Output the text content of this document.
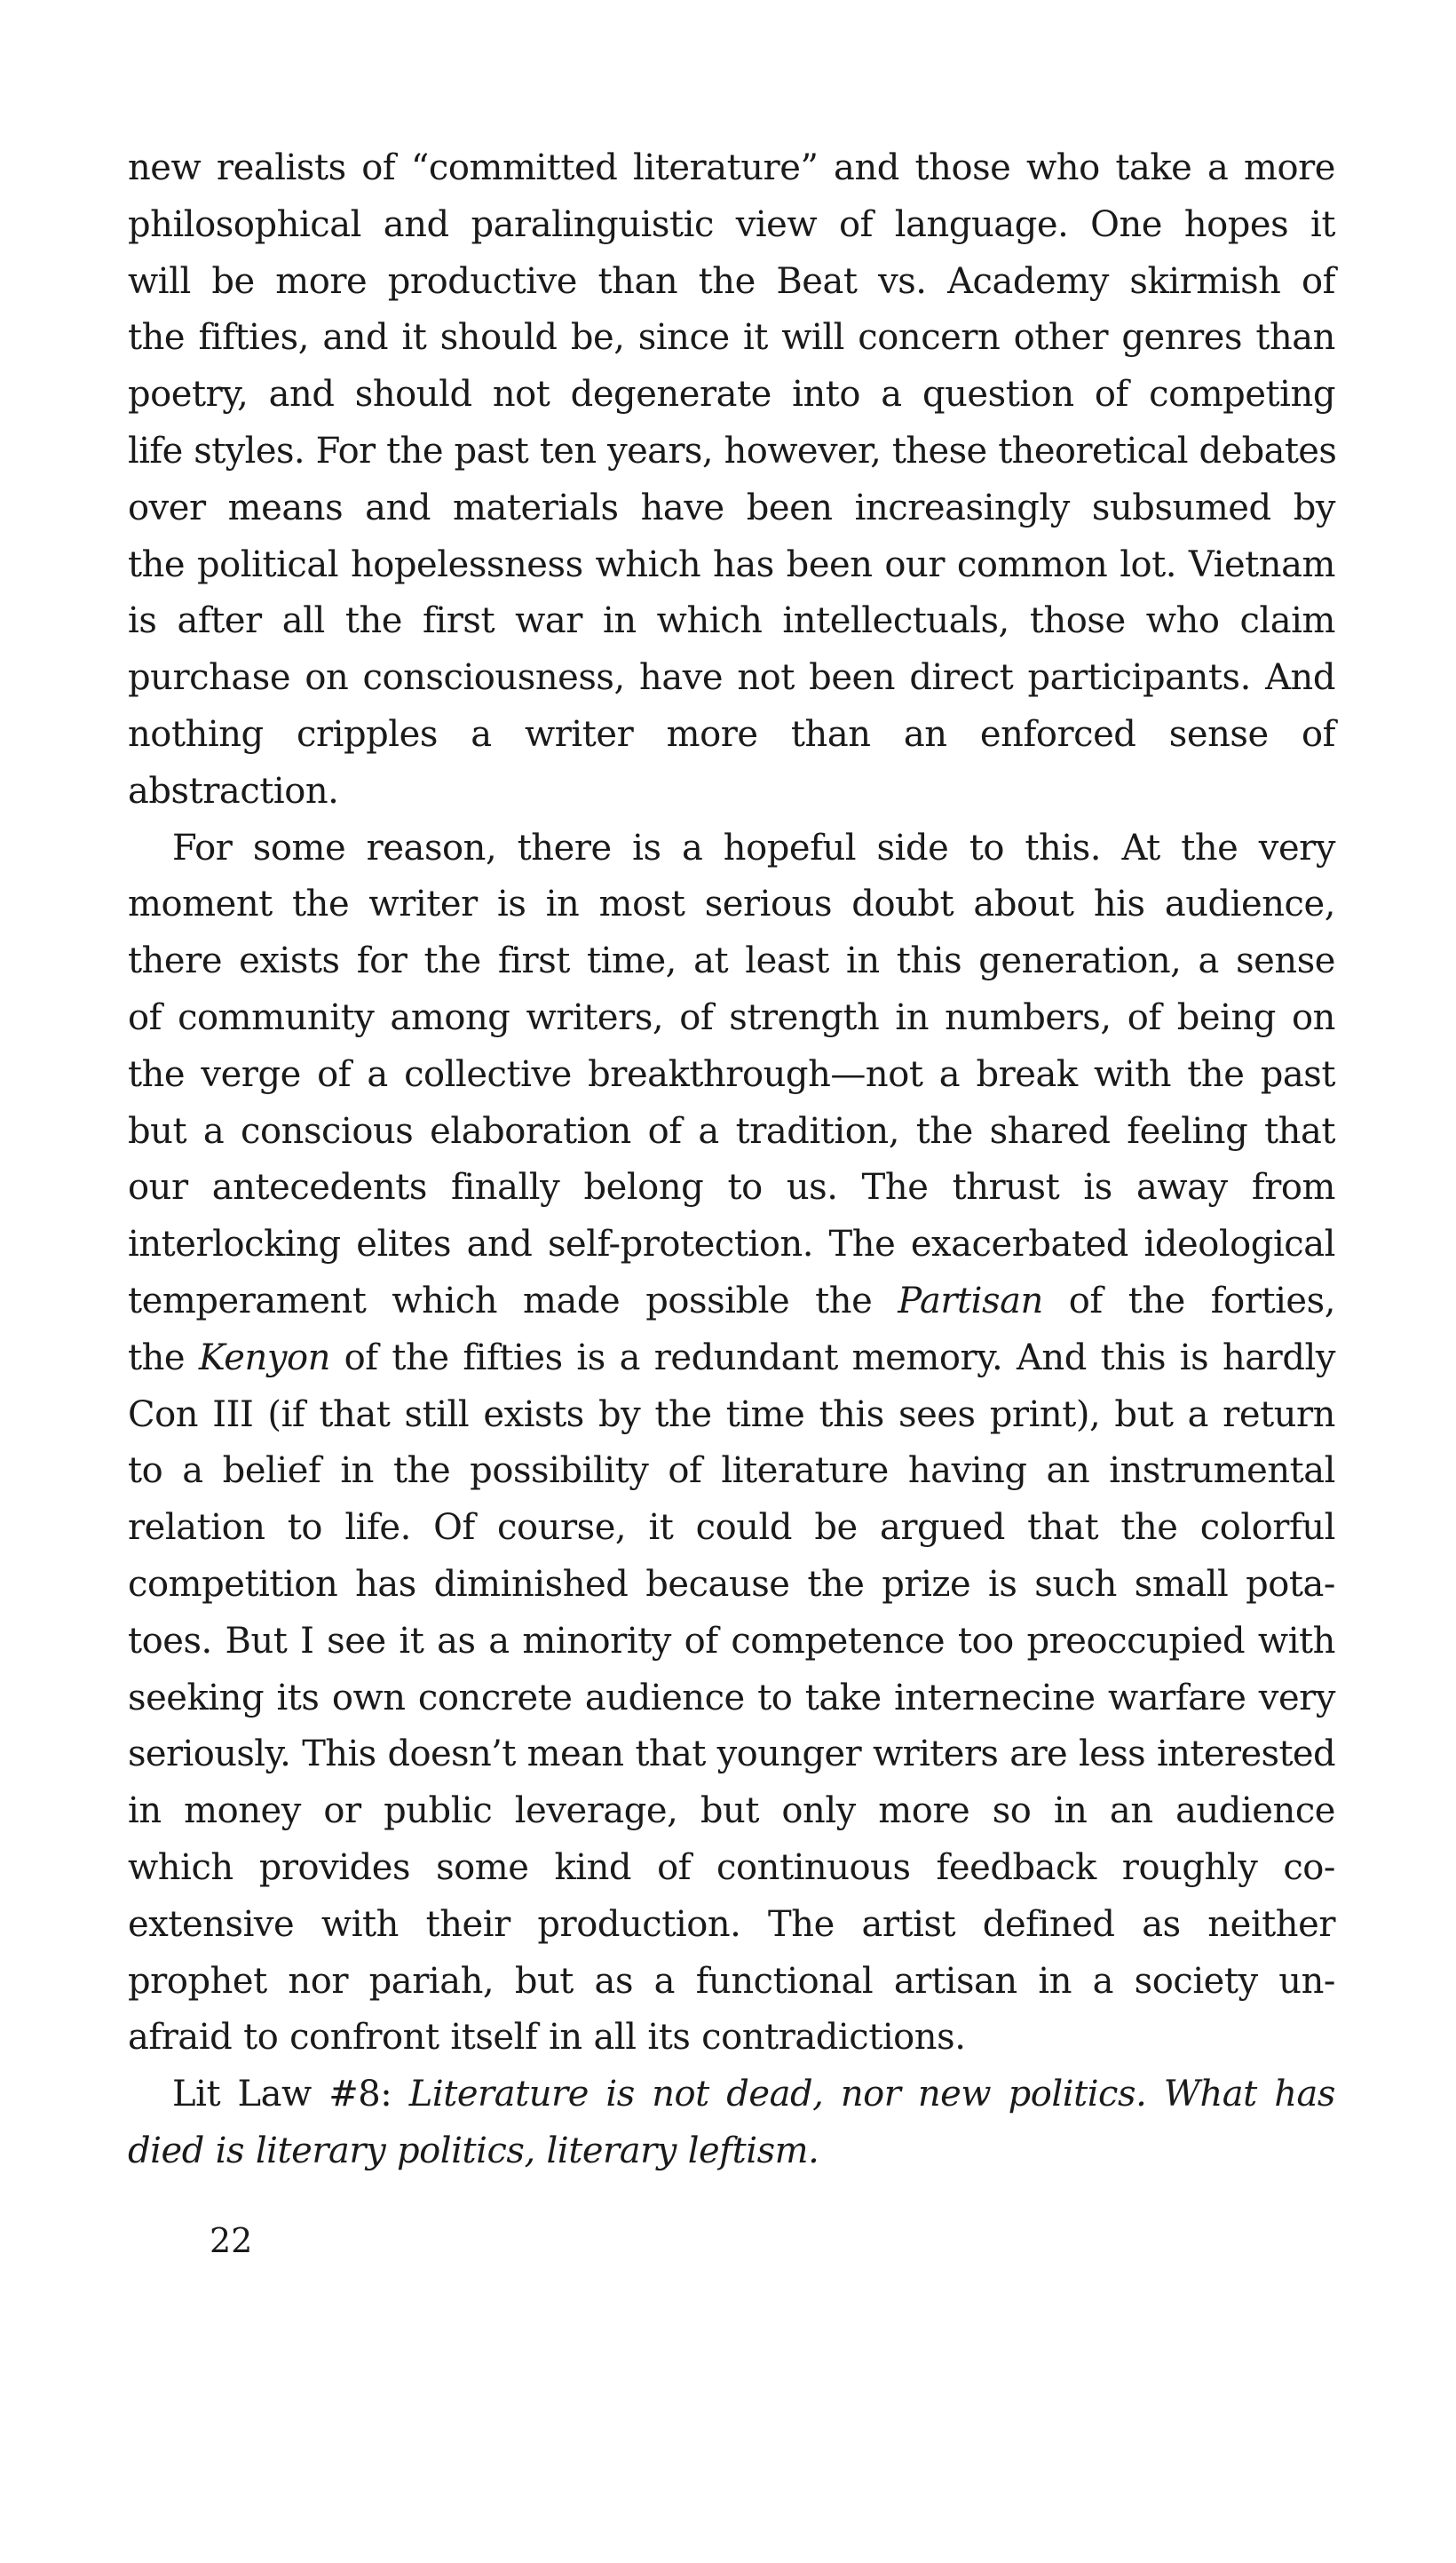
new realists of “committed literature” and those who take a more
philosophical and paralinguistic view of language. One hopes it
will be more productive than the Beat vs. Academy skirmish of
the fifties, and it should be, since it will concern other genres than
poetry, and should not degenerate into a question of competing
life styles. For the past ten years, however, these theoretical debates
over means and materials have been increasingly subsumed by
the political hopelessness which has been our common lot. Vietnam
is after all the first war in which intellectuals, those who claim
purchase on consciousness, have not been direct participants. And
nothing cripples a writer more than an enforced sense of
abstraction.
For some reason, there is a hopeful side to this. At the very
moment the writer is in most serious doubt about his audience,
there exists for the first time, at least in this generation, a sense
of community among writers, of strength in numbers, of being on
the verge of a collective breakthrough—not a break with the past
but a conscious elaboration of a tradition, the shared feeling that
our antecedents finally belong to us. The thrust is away from
interlocking elites and self-protection. The exacerbated ideological
temperament which made possible the Partisan of the forties,
the Kenyon of the fifties is a redundant memory. And this is hardly
Con III (if that still exists by the time this sees print), but a return
to a belief in the possibility of literature having an instrumental
relation to life. Of course, it could be argued that the colorful
competition has diminished because the prize is such small pota-
toes. But I see it as a minority of competence too preoccupied with
seeking its own concrete audience to take internecine warfare very
seriously. This doesn’t mean that younger writers are less interested
in money or public leverage, but only more so in an audience
which provides some kind of continuous feedback roughly co-
extensive with their production. The artist defined as neither
prophet nor pariah, but as a functional artisan in a society un-
afraid to confront itself in all its contradictions.
Lit Law #8: Literature is not dead, nor new politics. What has
died is literary politics, literary leftism.
22
